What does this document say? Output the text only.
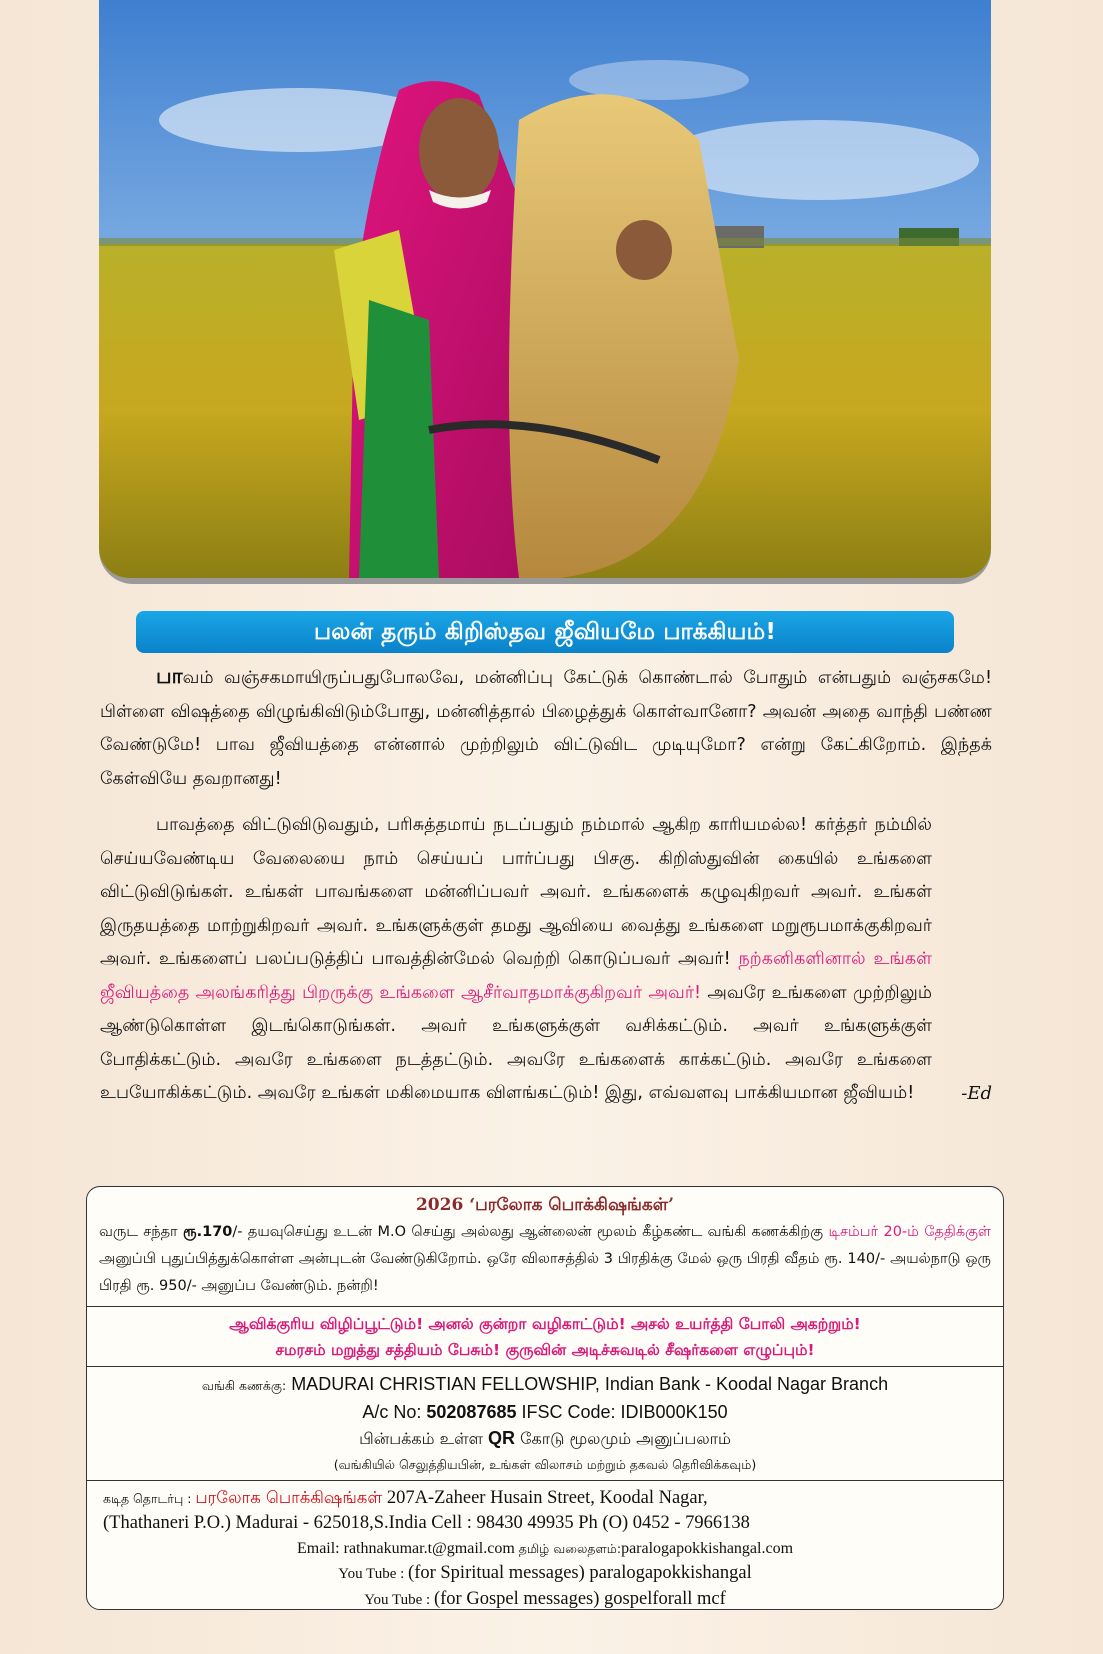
பலன் தரும் கிறிஸ்தவ ஜீவியமே பாக்கியம்!

பாவம் வஞ்சகமாயிருப்பதுபோலவே, மன்னிப்பு கேட்டுக் கொண்டால் போதும் என்பதும் வஞ்சகமே! பிள்ளை விஷத்தை விழுங்கிவிடும்போது, மன்னித்தால் பிழைத்துக் கொள்வானோ? அவன் அதை வாந்தி பண்ண வேண்டுமே! பாவ ஜீவியத்தை என்னால் முற்றிலும் விட்டுவிட முடியுமோ? என்று கேட்கிறோம். இந்தக் கேள்வியே தவறானது!

பாவத்தை விட்டுவிடுவதும், பரிசுத்தமாய் நடப்பதும் நம்மால் ஆகிற காரியமல்ல! கர்த்தர் நம்மில் செய்யவேண்டிய வேலையை நாம் செய்யப் பார்ப்பது பிசகு. கிறிஸ்துவின் கையில் உங்களை விட்டுவிடுங்கள். உங்கள் பாவங்களை மன்னிப்பவர் அவர். உங்களைக் கழுவுகிறவர் அவர். உங்கள் இருதயத்தை மாற்றுகிறவர் அவர். உங்களுக்குள் தமது ஆவியை வைத்து உங்களை மறுரூபமாக்குகிறவர் அவர். உங்களைப் பலப்படுத்திப் பாவத்தின்மேல் வெற்றி கொடுப்பவர் அவர்! நற்கனிகளினால் உங்கள் ஜீவியத்தை அலங்கரித்து பிறருக்கு உங்களை ஆசீர்வாதமாக்குகிறவர் அவர்! அவரே உங்களை முற்றிலும் ஆண்டுகொள்ள இடங்கொடுங்கள். அவர் உங்களுக்குள் வசிக்கட்டும். அவர் உங்களுக்குள் போதிக்கட்டும். அவரே உங்களை நடத்தட்டும். அவரே உங்களைக் காக்கட்டும். அவரே உங்களை உபயோகிக்கட்டும். அவரே உங்கள் மகிமையாக விளங்கட்டும்! இது, எவ்வளவு பாக்கியமான ஜீவியம்!	-Ed

2026 ‘பரலோக பொக்கிஷங்கள்’
வருட சந்தா ரூ.170/- தயவுசெய்து உடன் M.O செய்து அல்லது ஆன்லைன் மூலம் கீழ்கண்ட வங்கி கணக்கிற்கு டிசம்பர் 20-ம் தேதிக்குள் அனுப்பி புதுப்பித்துக்கொள்ள அன்புடன் வேண்டுகிறோம். ஒரே விலாசத்தில் 3 பிரதிக்கு மேல் ஒரு பிரதி வீதம் ரூ. 140/- அயல்நாடு ஒரு பிரதி ரூ. 950/- அனுப்ப வேண்டும். நன்றி!
ஆவிக்குரிய விழிப்பூட்டும்! அனல் குன்றா வழிகாட்டும்! அசல் உயர்த்தி போலி அகற்றும்!
சமரசம் மறுத்து சத்தியம் பேசும்! குருவின் அடிச்சுவடில் சீஷர்களை எழுப்பும்!
வங்கி கணக்கு: MADURAI CHRISTIAN FELLOWSHIP, Indian Bank - Koodal Nagar Branch
A/c No: 502087685 IFSC Code: IDIB000K150
பின்பக்கம் உள்ள QR கோடு மூலமும் அனுப்பலாம்
(வங்கியில் செலுத்தியபின், உங்கள் விலாசம் மற்றும் தகவல் தெரிவிக்கவும்)
கடித தொடர்பு : பரலோக பொக்கிஷங்கள் 207A-Zaheer Husain Street, Koodal Nagar,
(Thathaneri P.O.) Madurai - 625018,S.India Cell : 98430 49935 Ph (O) 0452 - 7966138
Email: rathnakumar.t@gmail.com தமிழ் வலைதளம்:paralogapokkishangal.com
You Tube : (for Spiritual messages) paralogapokkishangal
You Tube : (for Gospel messages) gospelforall mcf
